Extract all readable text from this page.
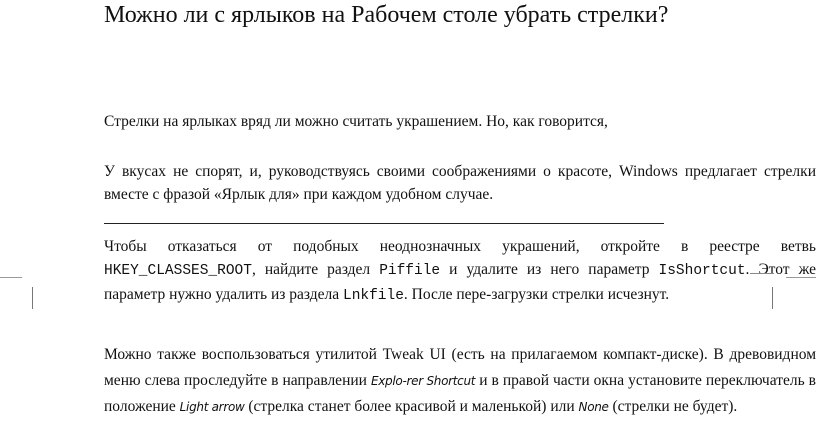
Можно ли с ярлыков на Рабочем столе убрать стрелки?
Стрелки на ярлыках вряд ли можно считать украшением. Но, как говорится,
У вкусах не спорят, и, руководствуясь своими соображениями о красоте, Windows предлагает стрелки вместе с фразой «Ярлык для» при каждом удобном случае.
Чтобы отказаться от подобных неоднозначных украшений, откройте в реестре ветвь HKEY_CLASSES_ROOT, найдите раздел Piffile и удалите из него параметр IsShortcut. Этот же параметр нужно удалить из раздела Lnkfile. После пере-загрузки стрелки исчезнут.
Можно также воспользоваться утилитой Tweak UI (есть на прилагаемом компакт-диске). В древовидном меню слева проследуйте в направлении Explo-rer Shortcut и в правой части окна установите переключатель в положение Light arrow (стрелка станет более красивой и маленькой) или None (стрелки не будет).
